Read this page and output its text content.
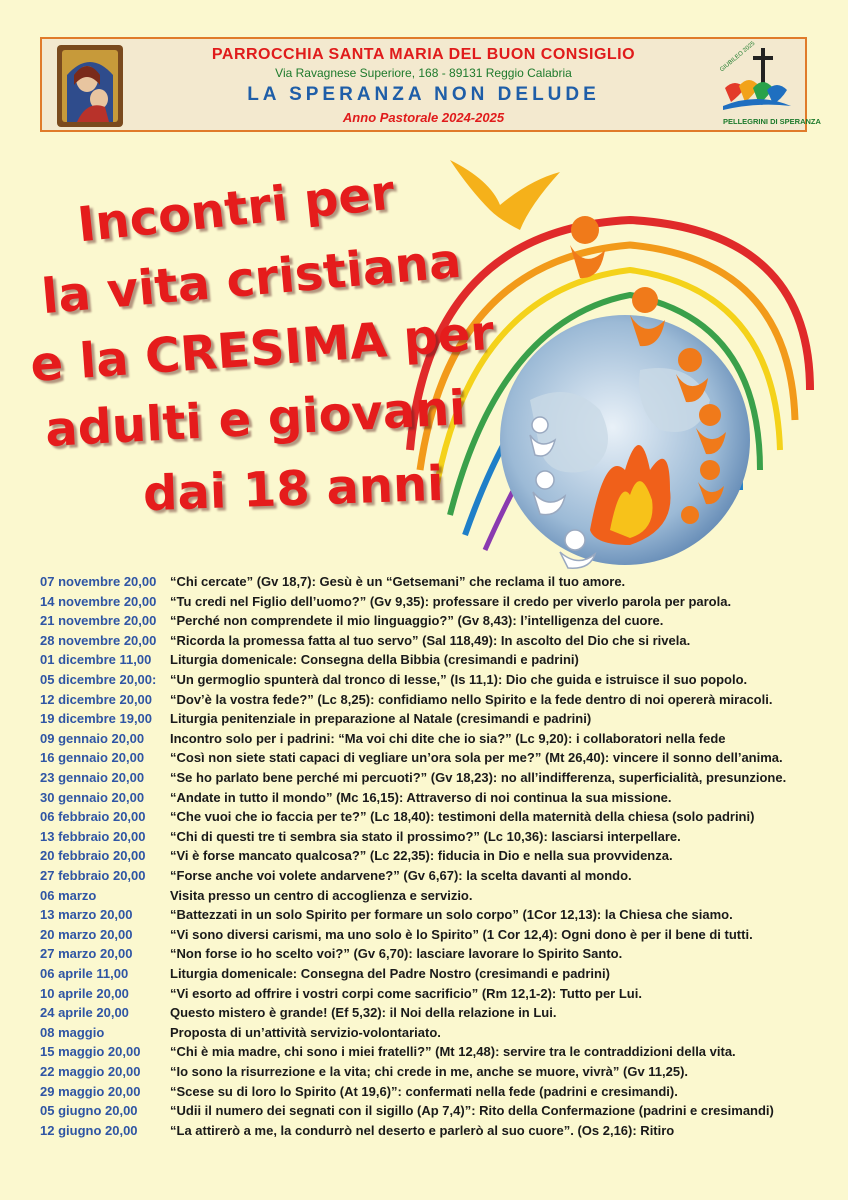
PARROCCHIA SANTA MARIA DEL BUON CONSIGLIO
Via Ravagnese Superiore, 168 - 89131 Reggio Calabria
LA SPERANZA NON DELUDE
Anno Pastorale 2024-2025
GIUBILEO 2025
PELLEGRINI DI SPERANZA
Incontri per
la vita cristiana
e la CRESIMA per
adulti e giovani
dai 18 anni
07 novembre 20,00 “Chi cercate” (Gv 18,7): Gesù è un “Getsemani” che reclama il tuo amore.
14 novembre 20,00 “Tu credi nel Figlio dell’uomo?” (Gv 9,35): professare il credo per viverlo parola per parola.
21 novembre 20,00 “Perché non comprendete il mio linguaggio?” (Gv 8,43): l’intelligenza del cuore.
28 novembre 20,00 “Ricorda la promessa fatta al tuo servo” (Sal 118,49): In ascolto del Dio che si rivela.
01 dicembre 11,00 Liturgia domenicale: Consegna della Bibbia (cresimandi e padrini)
05 dicembre 20,00: “Un germoglio spunterà dal tronco di Iesse,” (Is 11,1): Dio che guida e istruisce il suo popolo.
12 dicembre 20,00 “Dov’è la vostra fede?” (Lc 8,25): confidiamo nello Spirito e la fede dentro di noi opererà miracoli.
19 dicembre 19,00 Liturgia penitenziale in preparazione al Natale (cresimandi e padrini)
09 gennaio 20,00 Incontro solo per i padrini: “Ma voi chi dite che io sia?” (Lc 9,20): i collaboratori nella fede
16 gennaio 20,00 “Così non siete stati capaci di vegliare un’ora sola per me?” (Mt 26,40): vincere il sonno dell’anima.
23 gennaio 20,00 “Se ho parlato bene perché mi percuoti?” (Gv 18,23): no all’indifferenza, superficialità, presunzione.
30 gennaio 20,00 “Andate in tutto il mondo” (Mc 16,15): Attraverso di noi continua la sua missione.
06 febbraio 20,00 “Che vuoi che io faccia per te?” (Lc 18,40): testimoni della maternità della chiesa (solo padrini)
13 febbraio 20,00 “Chi di questi tre ti sembra sia stato il prossimo?” (Lc 10,36): lasciarsi interpellare.
20 febbraio 20,00 “Vi è forse mancato qualcosa?” (Lc 22,35): fiducia in Dio e nella sua provvidenza.
27 febbraio 20,00 “Forse anche voi volete andarvene?” (Gv 6,67): la scelta davanti al mondo.
06 marzo	Visita presso un centro di accoglienza e servizio.
13 marzo 20,00	“Battezzati in un solo Spirito per formare un solo corpo” (1Cor 12,13): la Chiesa che siamo.
20 marzo 20,00	“Vi sono diversi carismi, ma uno solo è lo Spirito” (1 Cor 12,4): Ogni dono è per il bene di tutti.
27 marzo 20,00	“Non forse io ho scelto voi?” (Gv 6,70): lasciare lavorare lo Spirito Santo.
06 aprile 11,00	Liturgia domenicale: Consegna del Padre Nostro (cresimandi e padrini)
10 aprile 20,00	“Vi esorto ad offrire i vostri corpi come sacrificio” (Rm 12,1-2): Tutto per Lui.
24 aprile 20,00	Questo mistero è grande! (Ef 5,32): il Noi della relazione in Lui.
08 maggio	Proposta di un’attività servizio-volontariato.
15 maggio 20,00 “Chi è mia madre, chi sono i miei fratelli?” (Mt 12,48): servire tra le contraddizioni della vita.
22 maggio 20,00 “Io sono la risurrezione e la vita; chi crede in me, anche se muore, vivrà” (Gv 11,25).
29 maggio 20,00 “Scese su di loro lo Spirito (At 19,6)”: confermati nella fede (padrini e cresimandi).
05 giugno 20,00 “Udii il numero dei segnati con il sigillo (Ap 7,4)”: Rito della Confermazione (padrini e cresimandi)
12 giugno 20,00 “La attirerò a me, la condurrò nel deserto e parlerò al suo cuore”. (Os 2,16): Ritiro
